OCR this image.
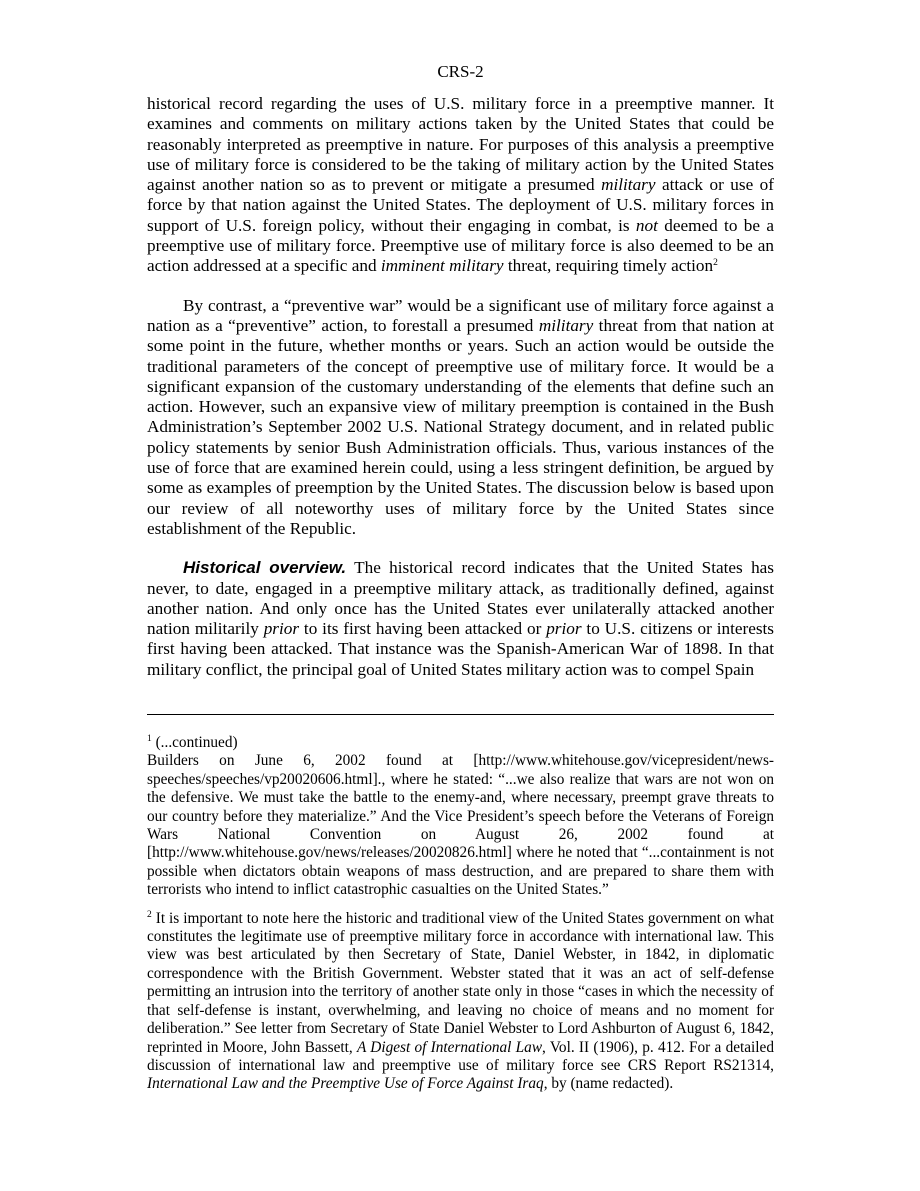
CRS-2

historical record regarding the uses of U.S. military force in a preemptive manner. It examines and comments on military actions taken by the United States that could be reasonably interpreted as preemptive in nature. For purposes of this analysis a preemptive use of military force is considered to be the taking of military action by the United States against another nation so as to prevent or mitigate a presumed military attack or use of force by that nation against the United States. The deployment of U.S. military forces in support of U.S. foreign policy, without their engaging in combat, is not deemed to be a preemptive use of military force. Preemptive use of military force is also deemed to be an action addressed at a specific and imminent military threat, requiring timely action$^2$

By contrast, a “preventive war” would be a significant use of military force against a nation as a “preventive” action, to forestall a presumed military threat from that nation at some point in the future, whether months or years. Such an action would be outside the traditional parameters of the concept of preemptive use of military force. It would be a significant expansion of the customary understanding of the elements that define such an action. However, such an expansive view of military preemption is contained in the Bush Administration’s September 2002 U.S. National Strategy document, and in related public policy statements by senior Bush Administration officials. Thus, various instances of the use of force that are examined herein could, using a less stringent definition, be argued by some as examples of preemption by the United States. The discussion below is based upon our review of all noteworthy uses of military force by the United States since establishment of the Republic.

Historical overview. The historical record indicates that the United States has never, to date, engaged in a preemptive military attack, as traditionally defined, against another nation. And only once has the United States ever unilaterally attacked another nation militarily prior to its first having been attacked or prior to U.S. citizens or interests first having been attacked. That instance was the Spanish-American War of 1898. In that military conflict, the principal goal of United States military action was to compel Spain

$^1$ (...continued)
Builders on June 6, 2002 found at [http://www.whitehouse.gov/vicepresident/news-speeches/speeches/vp20020606.html]., where he stated: “...we also realize that wars are not won on the defensive. We must take the battle to the enemy-and, where necessary, preempt grave threats to our country before they materialize.” And the Vice President’s speech before the Veterans of Foreign Wars National Convention on August 26, 2002 found at [http://www.whitehouse.gov/news/releases/20020826.html] where he noted that “...containment is not possible when dictators obtain weapons of mass destruction, and are prepared to share them with terrorists who intend to inflict catastrophic casualties on the United States.”

$^2$ It is important to note here the historic and traditional view of the United States government on what constitutes the legitimate use of preemptive military force in accordance with international law. This view was best articulated by then Secretary of State, Daniel Webster, in 1842, in diplomatic correspondence with the British Government. Webster stated that it was an act of self-defense permitting an intrusion into the territory of another state only in those “cases in which the necessity of that self-defense is instant, overwhelming, and leaving no choice of means and no moment for deliberation.” See letter from Secretary of State Daniel Webster to Lord Ashburton of August 6, 1842, reprinted in Moore, John Bassett, A Digest of International Law, Vol. II (1906), p. 412. For a detailed discussion of international law and preemptive use of military force see CRS Report RS21314, International Law and the Preemptive Use of Force Against Iraq, by (name redacted).
